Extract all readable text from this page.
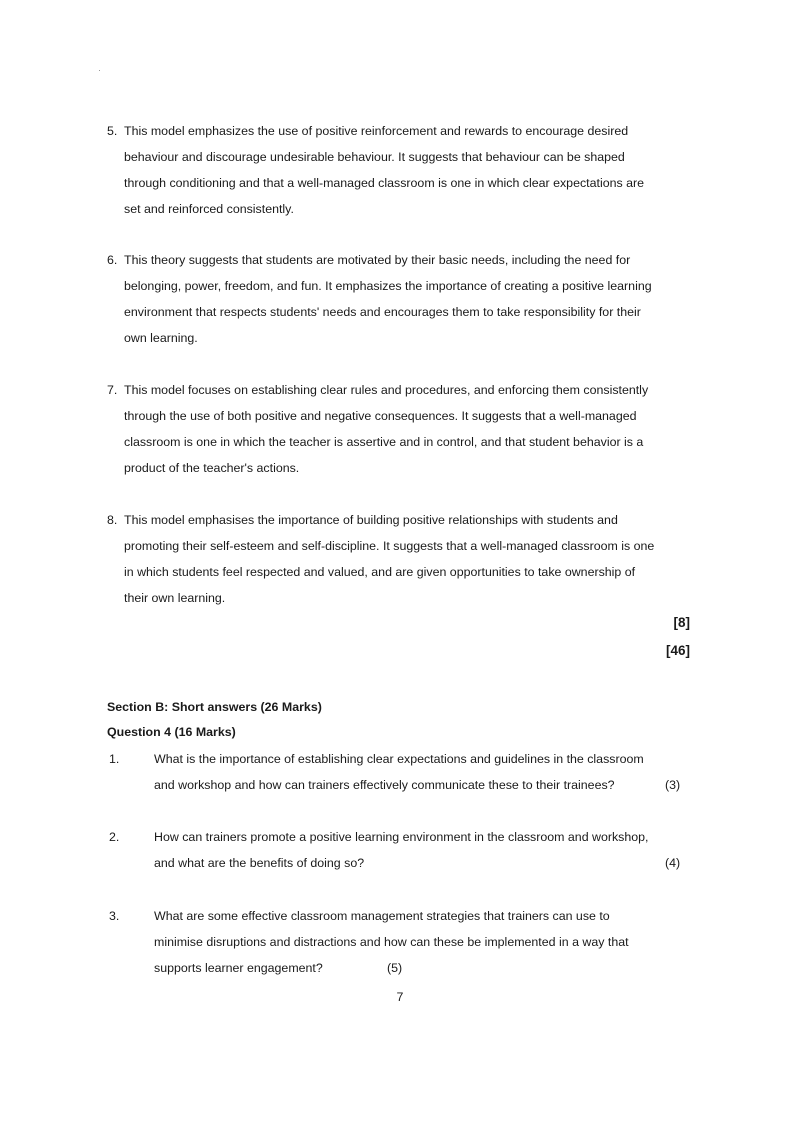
5. This model emphasizes the use of positive reinforcement and rewards to encourage desired
behaviour and discourage undesirable behaviour. It suggests that behaviour can be shaped
through conditioning and that a well-managed classroom is one in which clear expectations are
set and reinforced consistently.
6. This theory suggests that students are motivated by their basic needs, including the need for
belonging, power, freedom, and fun. It emphasizes the importance of creating a positive learning
environment that respects students' needs and encourages them to take responsibility for their
own learning.
7. This model focuses on establishing clear rules and procedures, and enforcing them consistently
through the use of both positive and negative consequences. It suggests that a well-managed
classroom is one in which the teacher is assertive and in control, and that student behavior is a
product of the teacher's actions.
8. This model emphasises the importance of building positive relationships with students and
promoting their self-esteem and self-discipline. It suggests that a well-managed classroom is one
in which students feel respected and valued, and are given opportunities to take ownership of
their own learning.
[8]
[46]
Section B: Short answers (26 Marks)
Question 4 (16 Marks)
1.	What is the importance of establishing clear expectations and guidelines in the classroom
and workshop and how can trainers effectively communicate these to their trainees?	(3)
2.	How can trainers promote a positive learning environment in the classroom and workshop,
and what are the benefits of doing so?	(4)
3.	What are some effective classroom management strategies that trainers can use to
minimise disruptions and distractions and how can these be implemented in a way that
supports learner engagement?	(5)
7
